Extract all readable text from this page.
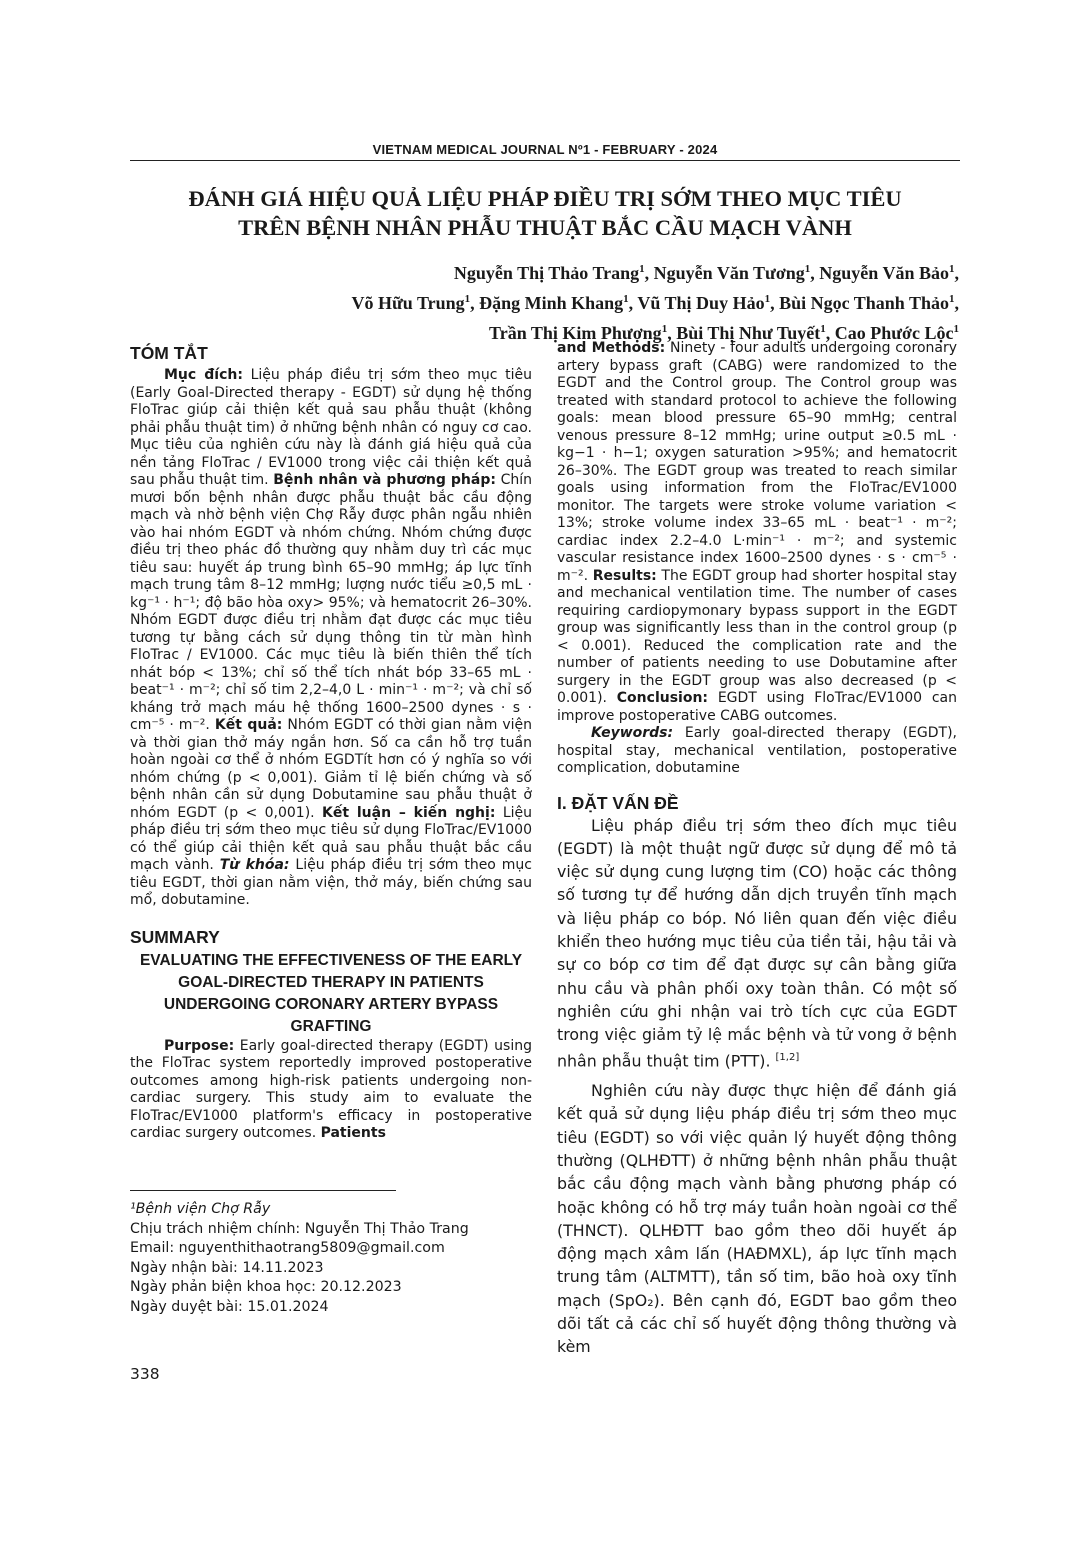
VIETNAM MEDICAL JOURNAL Nº1 - FEBRUARY - 2024
ĐÁNH GIÁ HIỆU QUẢ LIỆU PHÁP ĐIỀU TRỊ SỚM THEO MỤC TIÊU
TRÊN BỆNH NHÂN PHẪU THUẬT BẮC CẦU MẠCH VÀNH
Nguyễn Thị Thảo Trang$^1$, Nguyễn Văn Tương$^1$, Nguyễn Văn Bảo$^1$,
Võ Hữu Trung$^1$, Đặng Minh Khang$^1$, Vũ Thị Duy Hảo$^1$, Bùi Ngọc Thanh Thảo$^1$,
Trần Thị Kim Phượng$^1$, Bùi Thị Như Tuyết$^1$, Cao Phước Lộc$^1$
TÓM TẮT

Mục đích: Liệu pháp điều trị sớm theo mục tiêu (Early Goal-Directed therapy - EGDT) sử dụng hệ thống FloTrac giúp cải thiện kết quả sau phẫu thuật (không phải phẫu thuật tim) ở những bệnh nhân có nguy cơ cao. Mục tiêu của nghiên cứu này là đánh giá hiệu quả của nền tảng FloTrac / EV1000 trong việc cải thiện kết quả sau phẫu thuật tim. Bệnh nhân và phương pháp: Chín mươi bốn bệnh nhân được phẫu thuật bắc cầu động mạch và nhờ bệnh viện Chợ Rẫy được phân ngẫu nhiên vào hai nhóm EGDT và nhóm chứng. Nhóm chứng được điều trị theo phác đồ thường quy nhằm duy trì các mục tiêu sau: huyết áp trung bình 65–90 mmHg; áp lực tĩnh mạch trung tâm 8–12 mmHg; lượng nước tiểu ≥0,5 mL · kg⁻¹ · h⁻¹; độ bão hòa oxy> 95%; và hematocrit 26–30%. Nhóm EGDT được điều trị nhằm đạt được các mục tiêu tương tự bằng cách sử dụng thông tin từ màn hình FloTrac / EV1000. Các mục tiêu là biến thiên thể tích nhát bóp < 13%; chỉ số thể tích nhát bóp 33–65 mL · beat⁻¹ · m⁻²; chỉ số tim 2,2–4,0 L · min⁻¹ · m⁻²; và chỉ số kháng trở mạch máu hệ thống 1600–2500 dynes · s · cm⁻⁵ · m⁻². Kết quả: Nhóm EGDT có thời gian nằm viện và thời gian thở máy ngắn hơn. Số ca cần hỗ trợ tuần hoàn ngoài cơ thể ở nhóm EGDTít hơn có ý nghĩa so với nhóm chứng (p < 0,001). Giảm tỉ lệ biến chứng và số bệnh nhân cần sử dụng Dobutamine sau phẫu thuật ở nhóm EGDT (p < 0,001). Kết luận – kiến nghị: Liệu pháp điều trị sớm theo mục tiêu sử dụng FloTrac/EV1000 có thể giúp cải thiện kết quả sau phẫu thuật bắc cầu mạch vành. Từ khóa: Liệu pháp điều trị sớm theo mục tiêu EGDT, thời gian nằm viện, thở máy, biến chứng sau mổ, dobutamine.

SUMMARY
EVALUATING THE EFFECTIVENESS OF THE EARLY GOAL-DIRECTED THERAPY IN PATIENTS UNDERGOING CORONARY ARTERY BYPASS GRAFTING

Purpose: Early goal-directed therapy (EGDT) using the FloTrac system reportedly improved postoperative outcomes among high-risk patients undergoing non-cardiac surgery. This study aim to evaluate the FloTrac/EV1000 platform's efficacy in postoperative cardiac surgery outcomes. Patients

and Methods: Ninety - four adults undergoing coronary artery bypass graft (CABG) were randomized to the EGDT and the Control group. The Control group was treated with standard protocol to achieve the following goals: mean blood pressure 65–90 mmHg; central venous pressure 8–12 mmHg; urine output ≥0.5 mL · kg−1 · h−1; oxygen saturation >95%; and hematocrit 26–30%. The EGDT group was treated to reach similar goals using information from the FloTrac/EV1000 monitor. The targets were stroke volume variation < 13%; stroke volume index 33–65 mL · beat⁻¹ · m⁻²; cardiac index 2.2–4.0 L·min⁻¹ · m⁻²; and systemic vascular resistance index 1600–2500 dynes · s · cm⁻⁵ · m⁻². Results: The EGDT group had shorter hospital stay and mechanical ventilation time. The number of cases requiring cardiopymonary bypass support in the EGDT group was significantly less than in the control group (p < 0.001). Reduced the complication rate and the number of patients needing to use Dobutamine after surgery in the EGDT group was also decreased (p < 0.001). Conclusion: EGDT using FloTrac/EV1000 can improve postoperative CABG outcomes.

Keywords: Early goal-directed therapy (EGDT), hospital stay, mechanical ventilation, postoperative complication, dobutamine

I. ĐẶT VẤN ĐỀ

Liệu pháp điều trị sớm theo đích mục tiêu (EGDT) là một thuật ngữ được sử dụng để mô tả việc sử dụng cung lượng tim (CO) hoặc các thông số tương tự để hướng dẫn dịch truyền tĩnh mạch và liệu pháp co bóp. Nó liên quan đến việc điều khiển theo hướng mục tiêu của tiền tải, hậu tải và sự co bóp cơ tim để đạt được sự cân bằng giữa nhu cầu và phân phối oxy toàn thân. Có một số nghiên cứu ghi nhận vai trò tích cực của EGDT trong việc giảm tỷ lệ mắc bệnh và tử vong ở bệnh nhân phẫu thuật tim (PTT). [1,2]

Nghiên cứu này được thực hiện để đánh giá kết quả sử dụng liệu pháp điều trị sớm theo mục tiêu (EGDT) so với việc quản lý huyết động thông thường (QLHĐTT) ở những bệnh nhân phẫu thuật bắc cầu động mạch vành bằng phương pháp có hoặc không có hỗ trợ máy tuần hoàn ngoài cơ thể (THNCT). QLHĐTT bao gồm theo dõi huyết áp động mạch xâm lấn (HAĐMXL), áp lực tĩnh mạch trung tâm (ALTMTT), tần số tim, bão hoà oxy tĩnh mạch (SpO₂). Bên cạnh đó, EGDT bao gồm theo dõi tất cả các chỉ số huyết động thông thường và kèm

¹Bệnh viện Chợ Rẫy
Chịu trách nhiệm chính: Nguyễn Thị Thảo Trang
Email: nguyenthithaotrang5809@gmail.com
Ngày nhận bài: 14.11.2023
Ngày phản biện khoa học: 20.12.2023
Ngày duyệt bài: 15.01.2024
338
